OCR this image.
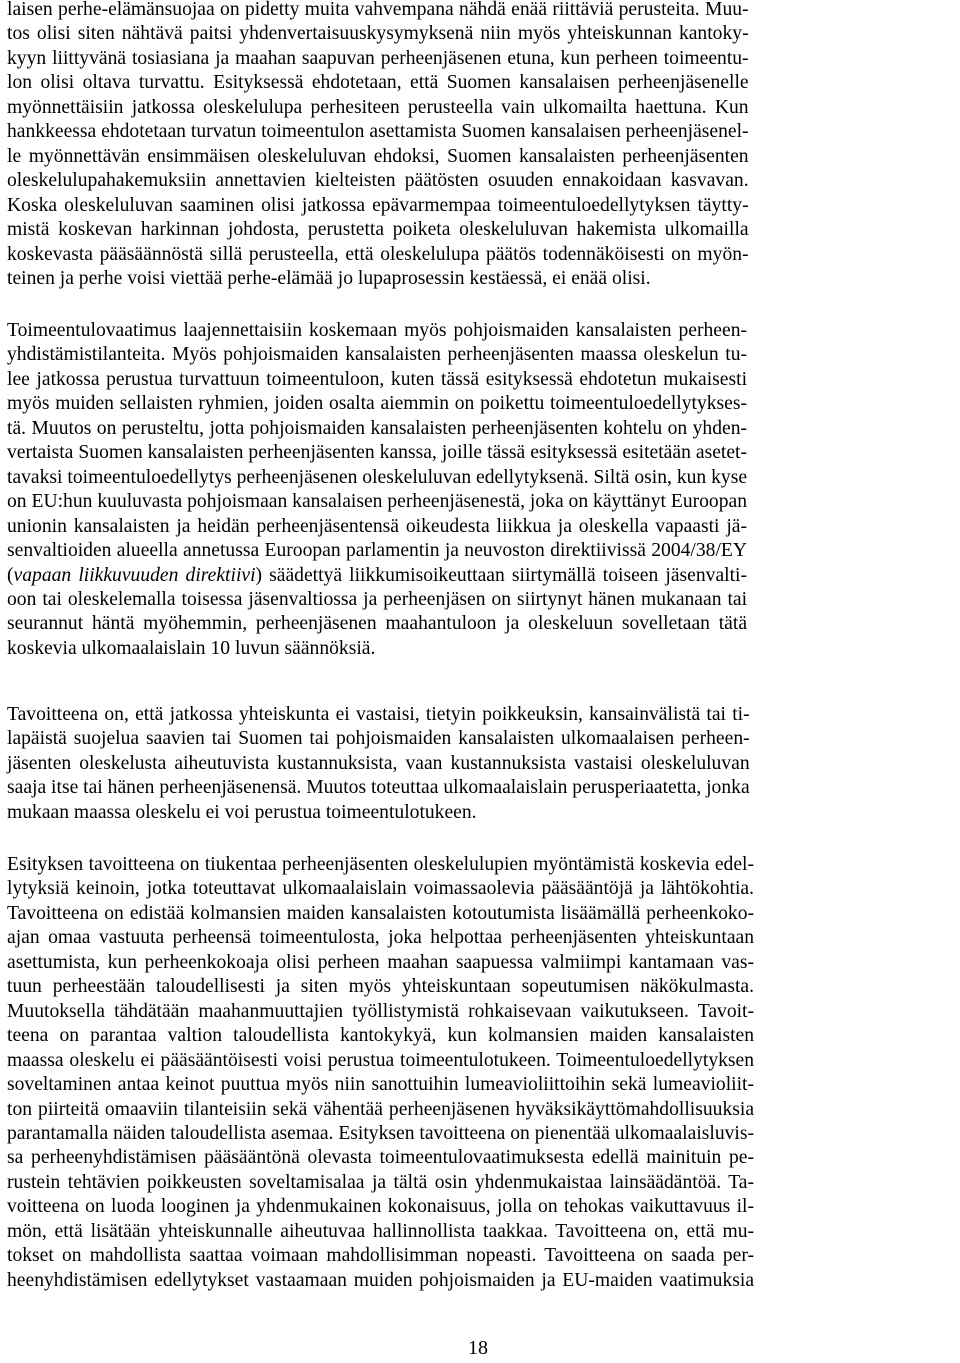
laisen perhe-elämänsuojaa on pidetty muita vahvempana nähdä enää riittäviä perusteita. Muu-
tos olisi siten nähtävä paitsi yhdenvertaisuuskysymyksenä niin myös yhteiskunnan kantoky-
kyyn liittyvänä tosiasiana ja maahan saapuvan perheenjäsenen etuna, kun perheen toimeentu-
lon olisi oltava turvattu. Esityksessä ehdotetaan, että Suomen kansalaisen perheenjäsenelle
myönnettäisiin jatkossa oleskelulupa perhesiteen perusteella vain ulkomailta haettuna. Kun
hankkeessa ehdotetaan turvatun toimeentulon asettamista Suomen kansalaisen perheenjäsenel-
le myönnettävän ensimmäisen oleskeluluvan ehdoksi, Suomen kansalaisten perheenjäsenten
oleskelulupahakemuksiin annettavien kielteisten päätösten osuuden ennakoidaan kasvavan.
Koska oleskeluluvan saaminen olisi jatkossa epävarmempaa toimeentuloedellytyksen täytty-
mistä koskevan harkinnan johdosta, perustetta poiketa oleskeluluvan hakemista ulkomailla
koskevasta pääsäännöstä sillä perusteella, että oleskelulupa päätös todennäköisesti on myön-
teinen ja perhe voisi viettää perhe-elämää jo lupaprosessin kestäessä, ei enää olisi.

Toimeentulovaatimus laajennettaisiin koskemaan myös pohjoismaiden kansalaisten perheen-
yhdistämistilanteita. Myös pohjoismaiden kansalaisten perheenjäsenten maassa oleskelun tu-
lee jatkossa perustua turvattuun toimeentuloon, kuten tässä esityksessä ehdotetun mukaisesti
myös muiden sellaisten ryhmien, joiden osalta aiemmin on poikettu toimeentuloedellytykses-
tä. Muutos on perusteltu, jotta pohjoismaiden kansalaisten perheenjäsenten kohtelu on yhden-
vertaista Suomen kansalaisten perheenjäsenten kanssa, joille tässä esityksessä esitetään asetet-
tavaksi toimeentuloedellytys perheenjäsenen oleskeluluvan edellytyksenä. Siltä osin, kun kyse
on EU:hun kuuluvasta pohjoismaan kansalaisen perheenjäsenestä, joka on käyttänyt Euroopan
unionin kansalaisten ja heidän perheenjäsentensä oikeudesta liikkua ja oleskella vapaasti jä-
senvaltioiden alueella annetussa Euroopan parlamentin ja neuvoston direktiivissä 2004/38/EY
(vapaan liikkuvuuden direktiivi) säädettyä liikkumisoikeuttaan siirtymällä toiseen jäsenvalti-
oon tai oleskelemalla toisessa jäsenvaltiossa ja perheenjäsen on siirtynyt hänen mukanaan tai
seurannut häntä myöhemmin, perheenjäsenen maahantuloon ja oleskeluun sovelletaan tätä
koskevia ulkomaalaislain 10 luvun säännöksiä.

Tavoitteena on, että jatkossa yhteiskunta ei vastaisi, tietyin poikkeuksin, kansainvälistä tai ti-
lapäistä suojelua saavien tai Suomen tai pohjoismaiden kansalaisten ulkomaalaisen perheen-
jäsenten oleskelusta aiheutuvista kustannuksista, vaan kustannuksista vastaisi oleskeluluvan
saaja itse tai hänen perheenjäsenensä. Muutos toteuttaa ulkomaalaislain perusperiaatetta, jonka
mukaan maassa oleskelu ei voi perustua toimeentulotukeen.

Esityksen tavoitteena on tiukentaa perheenjäsenten oleskelulupien myöntämistä koskevia edel-
lytyksiä keinoin, jotka toteuttavat ulkomaalaislain voimassaolevia pääsääntöjä ja lähtökohtia.
Tavoitteena on edistää kolmansien maiden kansalaisten kotoutumista lisäämällä perheenkoko-
ajan omaa vastuuta perheensä toimeentulosta, joka helpottaa perheenjäsenten yhteiskuntaan
asettumista, kun perheenkokoaja olisi perheen maahan saapuessa valmiimpi kantamaan vas-
tuun perheestään taloudellisesti ja siten myös yhteiskuntaan sopeutumisen näkökulmasta.
Muutoksella tähdätään maahanmuuttajien työllistymistä rohkaisevaan vaikutukseen. Tavoit-
teena on parantaa valtion taloudellista kantokykyä, kun kolmansien maiden kansalaisten
maassa oleskelu ei pääsääntöisesti voisi perustua toimeentulotukeen. Toimeentuloedellytyksen
soveltaminen antaa keinot puuttua myös niin sanottuihin lumeavioliittoihin sekä lumeavioliit-
ton piirteitä omaaviin tilanteisiin sekä vähentää perheenjäsenen hyväksikäyttömahdollisuuksia
parantamalla näiden taloudellista asemaa. Esityksen tavoitteena on pienentää ulkomaalaisluvis-
sa perheenyhdistämisen pääsääntönä olevasta toimeentulovaatimuksesta edellä mainituin pe-
rustein tehtävien poikkeusten soveltamisalaa ja tältä osin yhdenmukaistaa lainsäädäntöä. Ta-
voitteena on luoda looginen ja yhdenmukainen kokonaisuus, jolla on tehokas vaikuttavuus il-
mön, että lisätään yhteiskunnalle aiheutuvaa hallinnollista taakkaa. Tavoitteena on, että mu-
tokset on mahdollista saattaa voimaan mahdollisimman nopeasti. Tavoitteena on saada per-
heenyhdistämisen edellytykset vastaamaan muiden pohjoismaiden ja EU-maiden vaatimuksia

18
